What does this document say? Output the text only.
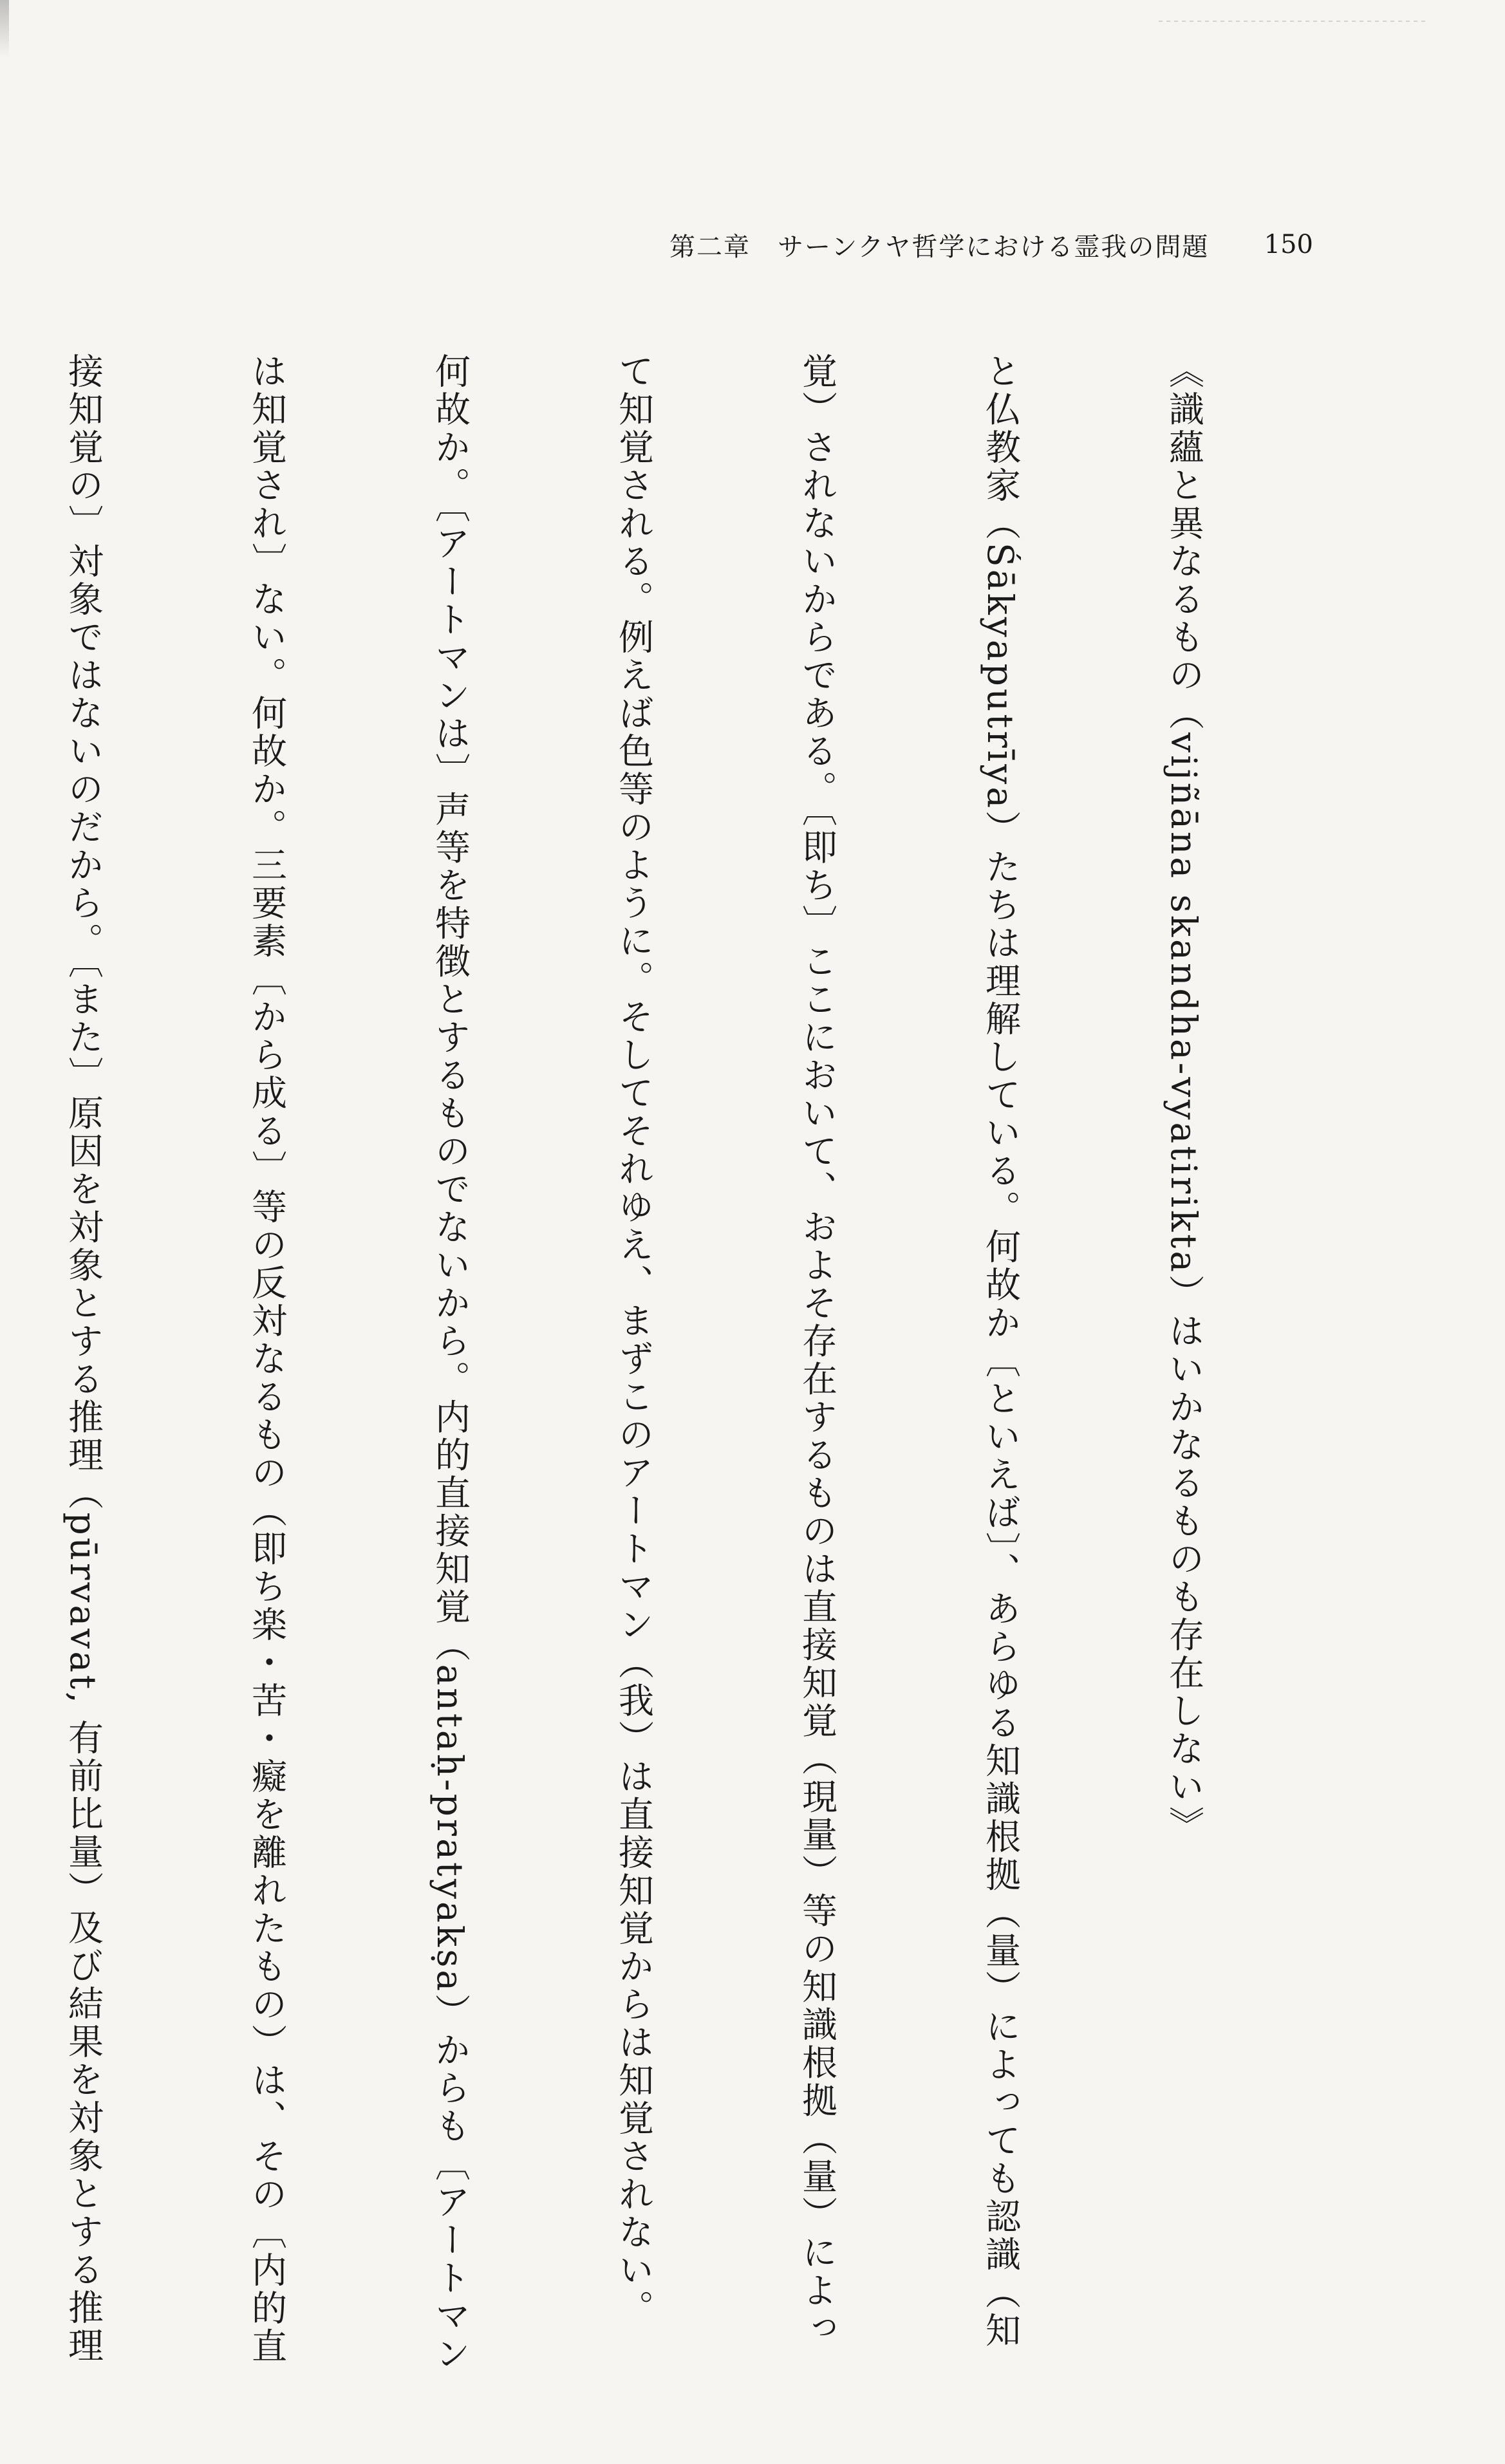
第二章　サーンクヤ哲学における霊我の問題 150

《識蘊と異なるもの（vijñāna skandha-vyatirikta）はいかなるものも存在しない》

と仏教家（Śākyaputrīya）たちは理解している。何故か〔といえば〕、あらゆる知識根拠（量）によっても認識（知

覚）されないからである。〔即ち〕ここにおいて、およそ存在するものは直接知覚（現量）等の知識根拠（量）によっ

て知覚される。例えば色等のように。そしてそれゆえ、まずこのアートマン（我）は直接知覚からは知覚されない。

何故か。〔アートマンは〕声等を特徴とするものでないから。内的直接知覚（antaḥ-pratyakṣa）からも〔アートマン

は知覚され〕ない。何故か。三要素〔から成る〕等の反対なるもの（即ち楽・苦・癡を離れたもの）は、その〔内的直

接知覚の〕対象ではないのだから。〔また〕原因を対象とする推理（pūrvavat, 有前比量）及び結果を対象とする推理
